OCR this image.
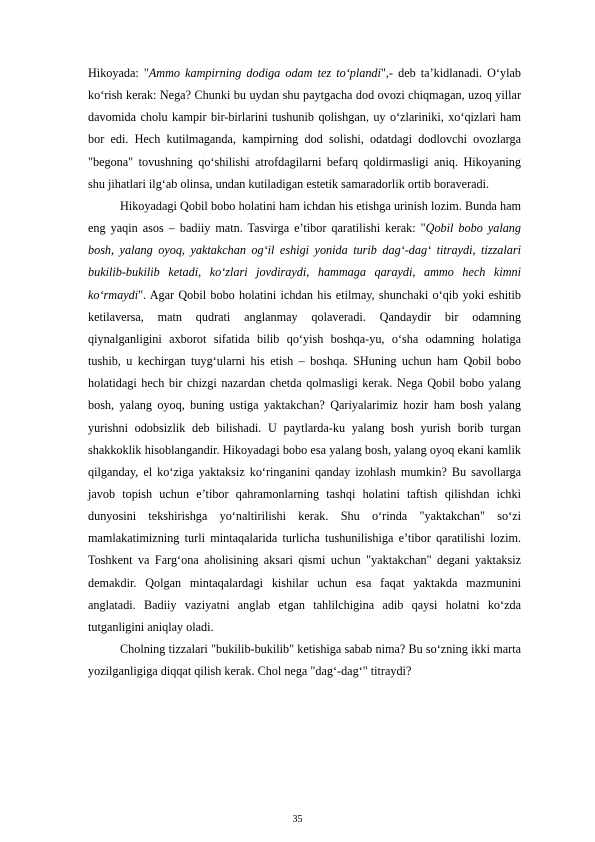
Hikoyada: "Ammo kampirning dodiga odam tez to‘plandi",- deb ta’kidlanadi. O‘ylab ko‘rish kerak: Nega? Chunki bu uydan shu paytgacha dod ovozi chiqmagan, uzoq yillar davomida cholu kampir bir-birlarini tushunib qolishgan, uy o‘zlariniki, xo‘qizlari ham bor edi. Hech kutilmaganda, kampirning dod solishi, odatdagi dodlovchi ovozlarga "begona" tovushning qo‘shilishi atrofdagilarni befarq qoldirmasligi aniq. Hikoyaning shu jihatlari ilg‘ab olinsa, undan kutiladigan estetik samaradorlik ortib boraveradi.

Hikoyadagi Qobil bobo holatini ham ichdan his etishga urinish lozim. Bunda ham eng yaqin asos – badiiy matn. Tasvirga e’tibor qaratilishi kerak: "Qobil bobo yalang bosh, yalang oyoq, yaktakchan og‘il eshigi yonida turib dag‘-dag‘ titraydi, tizzalari bukilib-bukilib ketadi, ko‘zlari jovdiraydi, hammaga qaraydi, ammo hech kimni ko‘rmaydi". Agar Qobil bobo holatini ichdan his etilmay, shunchaki o‘qib yoki eshitib ketilaversa, matn qudrati anglanmay qolaveradi. Qandaydir bir odamning qiynalganligini axborot sifatida bilib qo‘yish boshqa-yu, o‘sha odamning holatiga tushib, u kechirgan tuyg‘ularni his etish – boshqa. SHuning uchun ham Qobil bobo holatidagi hech bir chizgi nazardan chetda qolmasligi kerak. Nega Qobil bobo yalang bosh, yalang oyoq, buning ustiga yaktakchan? Qariyalarimiz hozir ham bosh yalang yurishni odobsizlik deb bilishadi. U paytlarda-ku yalang bosh yurish borib turgan shakkoklik hisoblangandir. Hikoyadagi bobo esa yalang bosh, yalang oyoq ekani kamlik qilganday, el ko‘ziga yaktaksiz ko‘ringanini qanday izohlash mumkin? Bu savollarga javob topish uchun e’tibor qahramonlarning tashqi holatini taftish qilishdan ichki dunyosini tekshirishga yo‘naltirilishi kerak. Shu o‘rinda "yaktakchan" so‘zi mamlakatimizning turli mintaqalarida turlicha tushunilishiga e’tibor qaratilishi lozim. Toshkent va Farg‘ona aholisining aksari qismi uchun "yaktakchan" degani yaktaksiz demakdir. Qolgan mintaqalardagi kishilar uchun esa faqat yaktakda mazmunini anglatadi. Badiiy vaziyatni anglab etgan tahlilchigina adib qaysi holatni ko‘zda tutganligini aniqlay oladi.

Cholning tizzalari "bukilib-bukilib" ketishiga sabab nima? Bu so‘zning ikki marta yozilganligiga diqqat qilish kerak. Chol nega "dag‘-dag‘" titraydi?

35
